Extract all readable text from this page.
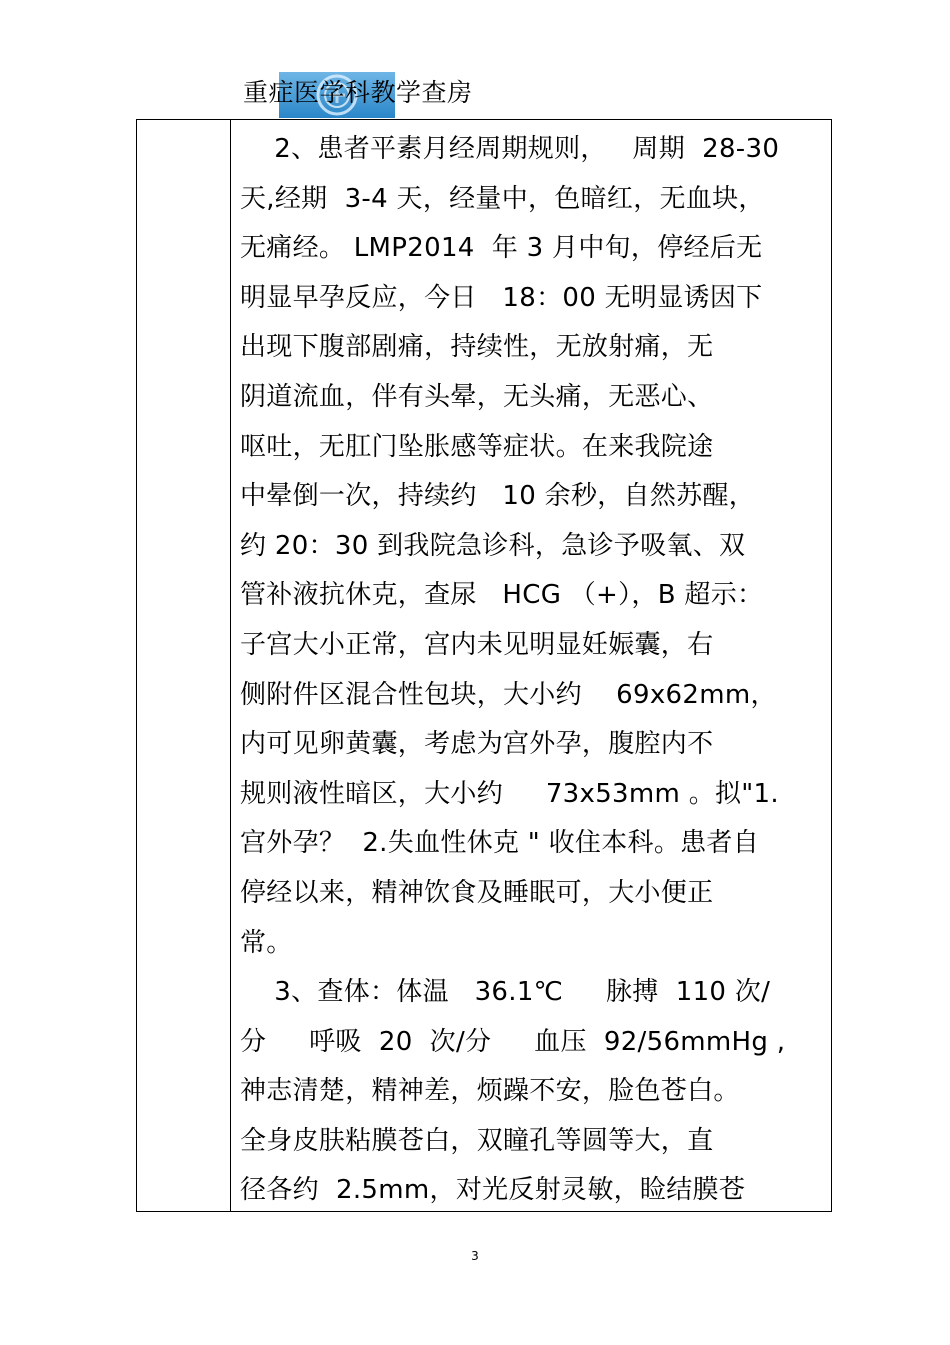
重症医学科教学查房
2、患者平素月经周期规则，   周期  28-30
天,经期  3-4 天，经量中，色暗红，无血块，
无痛经。 LMP2014  年 3 月中旬，停经后无
明显早孕反应，今日   18：00 无明显诱因下
出现下腹部剧痛，持续性，无放射痛，无
阴道流血，伴有头晕，无头痛，无恶心、
呕吐，无肛门坠胀感等症状。在来我院途
中晕倒一次，持续约   10 余秒，自然苏醒，
约 20：30 到我院急诊科，急诊予吸氧、双
管补液抗休克，查尿   HCG （+），B 超示：
子宫大小正常，宫内未见明显妊娠囊，右
侧附件区混合性包块，大小约    69x62mm，
内可见卵黄囊，考虑为宫外孕，腹腔内不
规则液性暗区，大小约     73x53mm 。拟"1.
宫外孕？  2.失血性休克 " 收住本科。患者自
停经以来，精神饮食及睡眠可，大小便正
常。
3、查体：体温   36.1℃     脉搏  110 次/
分     呼吸  20  次/分     血压  92/56mmHg ,
神志清楚，精神差，烦躁不安，脸色苍白。
全身皮肤粘膜苍白，双瞳孔等圆等大，直
径各约  2.5mm，对光反射灵敏，睑结膜苍
3
